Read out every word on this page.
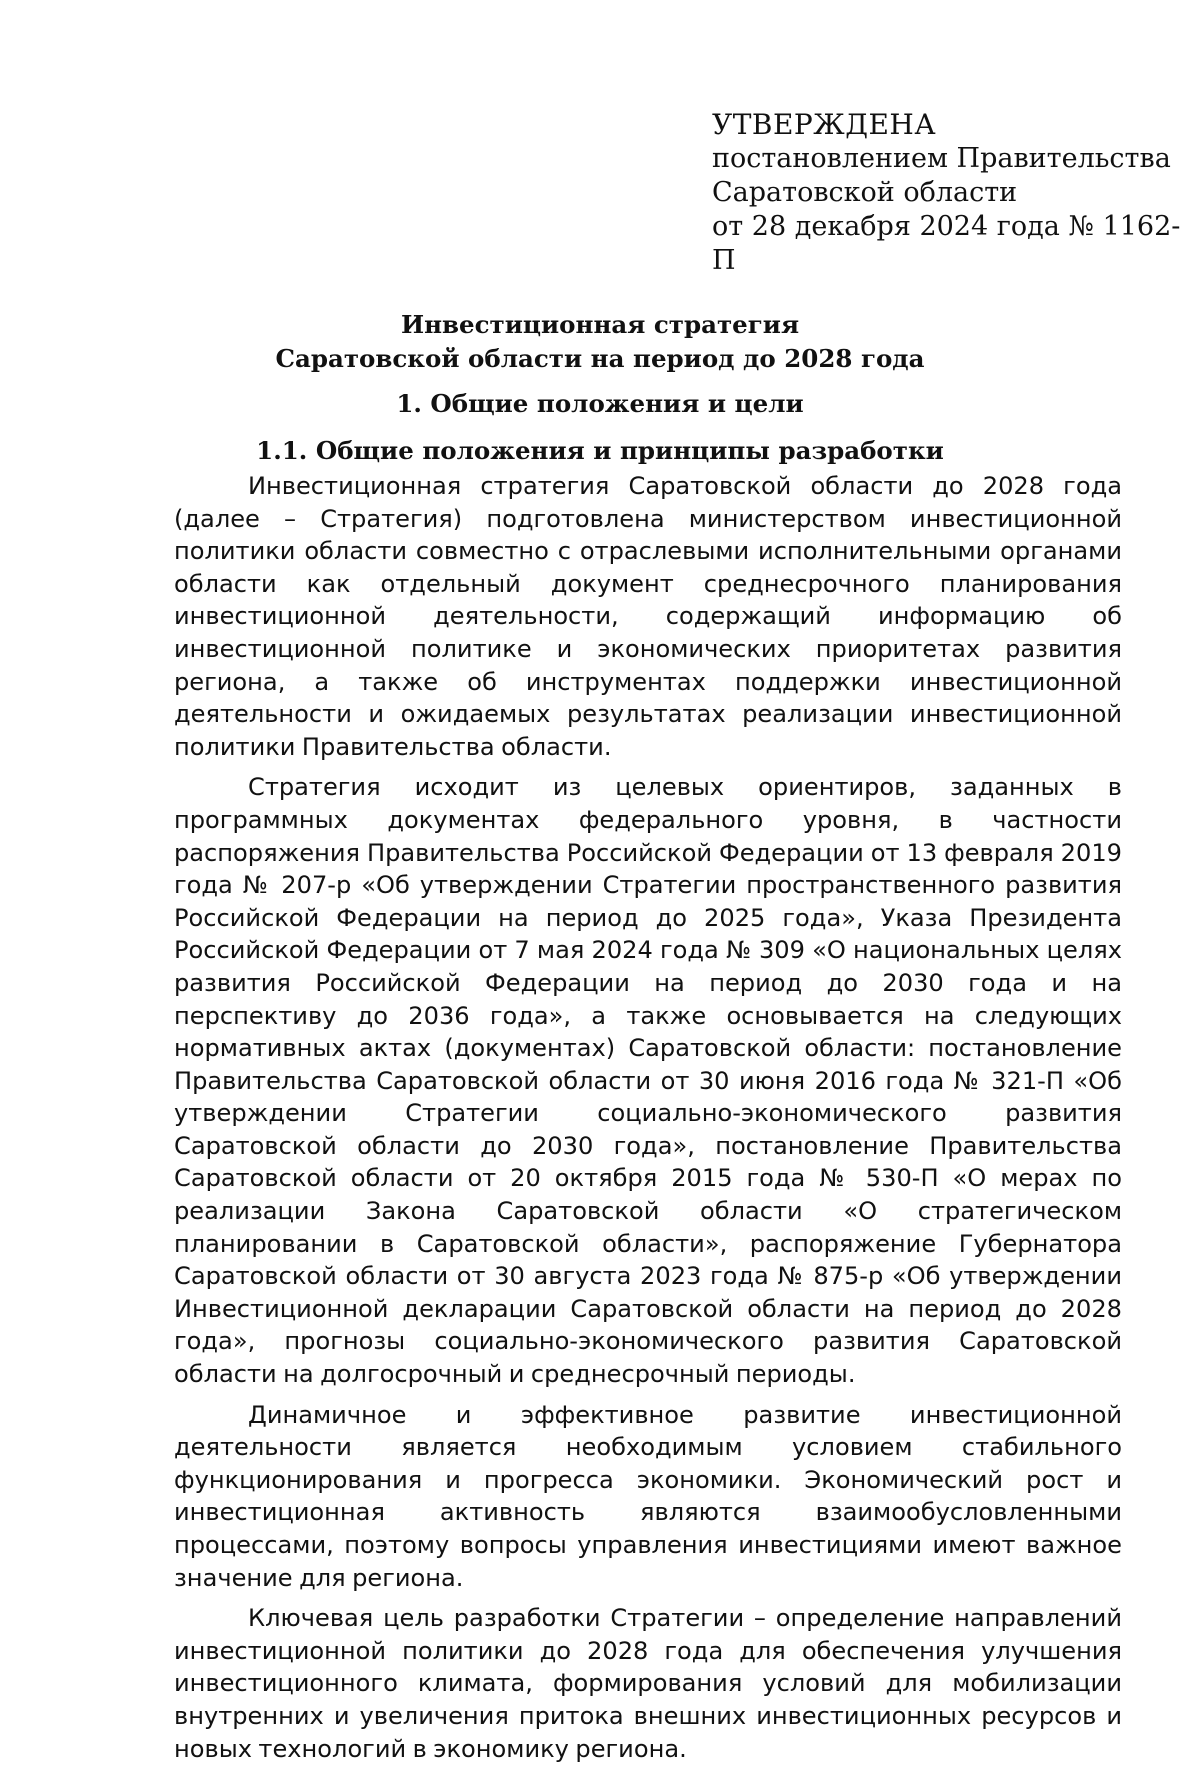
УТВЕРЖДЕНА
постановлением Правительства
Саратовской области
от 28 декабря 2024 года № 1162-П
Инвестиционная стратегия
Саратовской области на период до 2028 года
1. Общие положения и цели
1.1. Общие положения и принципы разработки

Инвестиционная стратегия Саратовской области до 2028 года (далее – Стратегия) подготовлена министерством инвестиционной политики области совместно с отраслевыми исполнительными органами области как отдельный документ среднесрочного планирования инвестиционной деятельности, содержащий информацию об инвестиционной политике и экономических приоритетах развития региона, а также об инструментах поддержки инвестиционной деятельности и ожидаемых результатах реализации инвестиционной политики Правительства области.

Стратегия исходит из целевых ориентиров, заданных в программных документах федерального уровня, в частности распоряжения Правительства Российской Федерации от 13 февраля 2019 года № 207-р «Об утверждении Стратегии пространственного развития Российской Федерации на период до 2025 года», Указа Президента Российской Федерации от 7 мая 2024 года № 309 «О национальных целях развития Российской Федерации на период до 2030 года и на перспективу до 2036 года», а также основывается на следующих нормативных актах (документах) Саратовской области: постановление Правительства Саратовской области от 30 июня 2016 года № 321-П «Об утверждении Стратегии социально-экономического развития Саратовской области до 2030 года», постановление Правительства Саратовской области от 20 октября 2015 года № 530-П «О мерах по реализации Закона Саратовской области «О стратегическом планировании в Саратовской области», распоряжение Губернатора Саратовской области от 30 августа 2023 года № 875-р «Об утверждении Инвестиционной декларации Саратовской области на период до 2028 года», прогнозы социально-экономического развития Саратовской области на долгосрочный и среднесрочный периоды.

Динамичное и эффективное развитие инвестиционной деятельности является необходимым условием стабильного функционирования и прогресса экономики. Экономический рост и инвестиционная активность являются взаимообусловленными процессами, поэтому вопросы управления инвестициями имеют важное значение для региона.

Ключевая цель разработки Стратегии – определение направлений инвестиционной политики до 2028 года для обеспечения улучшения инвестиционного климата, формирования условий для мобилизации внутренних и увеличения притока внешних инвестиционных ресурсов и новых технологий в экономику региона.
